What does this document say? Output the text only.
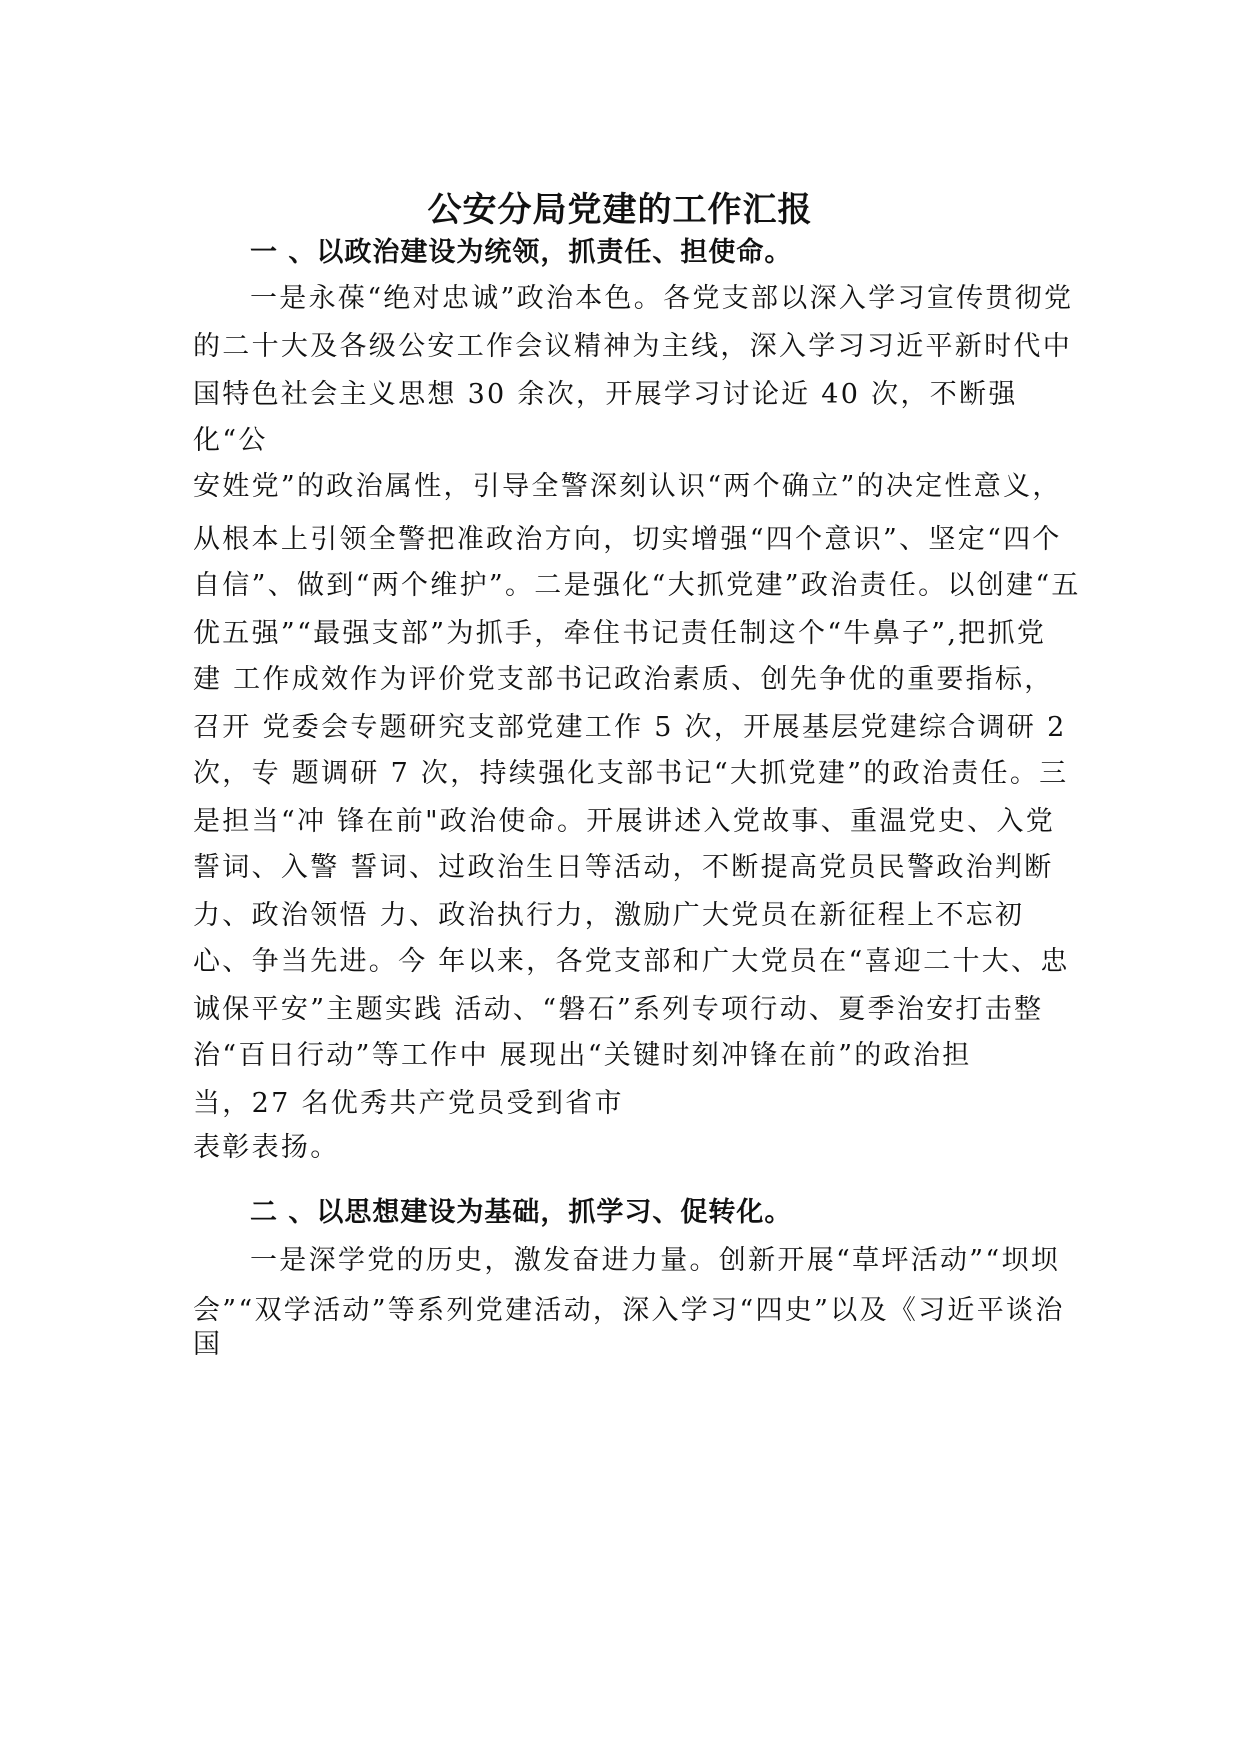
公安分局党建的工作汇报
一 、以政治建设为统领，抓责任、担使命。
一是永葆“绝对忠诚”政治本色。各党支部以深入学习宣传贯彻党
的二十大及各级公安工作会议精神为主线，深入学习习近平新时代中
国特色社会主义思想 30 余次，开展学习讨论近 40 次，不断强
化“公
安姓党”的政治属性，引导全警深刻认识“两个确立”的决定性意义，
从根本上引领全警把准政治方向，切实增强“四个意识”、坚定“四个
自信”、做到“两个维护”。二是强化“大抓党建”政治责任。以创建“五
优五强”“最强支部”为抓手，牵住书记责任制这个“牛鼻子”,把抓党
建 工作成效作为评价党支部书记政治素质、创先争优的重要指标，
召开 党委会专题研究支部党建工作 5 次，开展基层党建综合调研 2
次，专 题调研 7 次，持续强化支部书记“大抓党建”的政治责任。三
是担当“冲 锋在前"政治使命。开展讲述入党故事、重温党史、入党
誓词、入警 誓词、过政治生日等活动，不断提高党员民警政治判断
力、政治领悟 力、政治执行力，激励广大党员在新征程上不忘初
心、争当先进。今 年以来，各党支部和广大党员在“喜迎二十大、忠
诚保平安”主题实践 活动、“磐石”系列专项行动、夏季治安打击整
治“百日行动”等工作中 展现出“关键时刻冲锋在前”的政治担
当，27 名优秀共产党员受到省市
表彰表扬。
二 、以思想建设为基础，抓学习、促转化。
一是深学党的历史，激发奋进力量。创新开展“草坪活动”“坝坝
会”“双学活动”等系列党建活动，深入学习“四史”以及《习近平谈治
国
